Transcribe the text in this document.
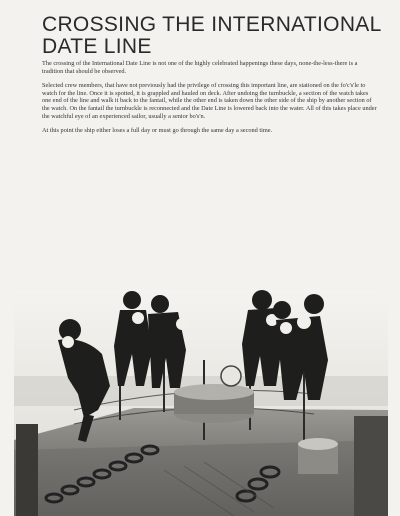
CROSSING THE INTERNATIONAL
DATE LINE

The crossing of the International Date Line is not one of the highly celebrated happenings these days, none-the-less-there is a tradition that should be observed.

Selected crew members, that have not previously had the privilege of crossing this important line, are stationed on the fo'c's'le to watch for the line. Once it is spotted, it is grappled and hauled on deck. After undoing the turnbuckle, a section of the watch takes one end of the line and walk it back to the fantail, while the other end is taken down the other side of the ship by another section of the watch. On the fantail the turnbuckle is reconnected and the Date Line is lowered back into the water. All of this takes place under the watchful eye of an experienced sailor, usually a senior bo's'n.

At this point the ship either loses a full day or must go through the same day a second time.
